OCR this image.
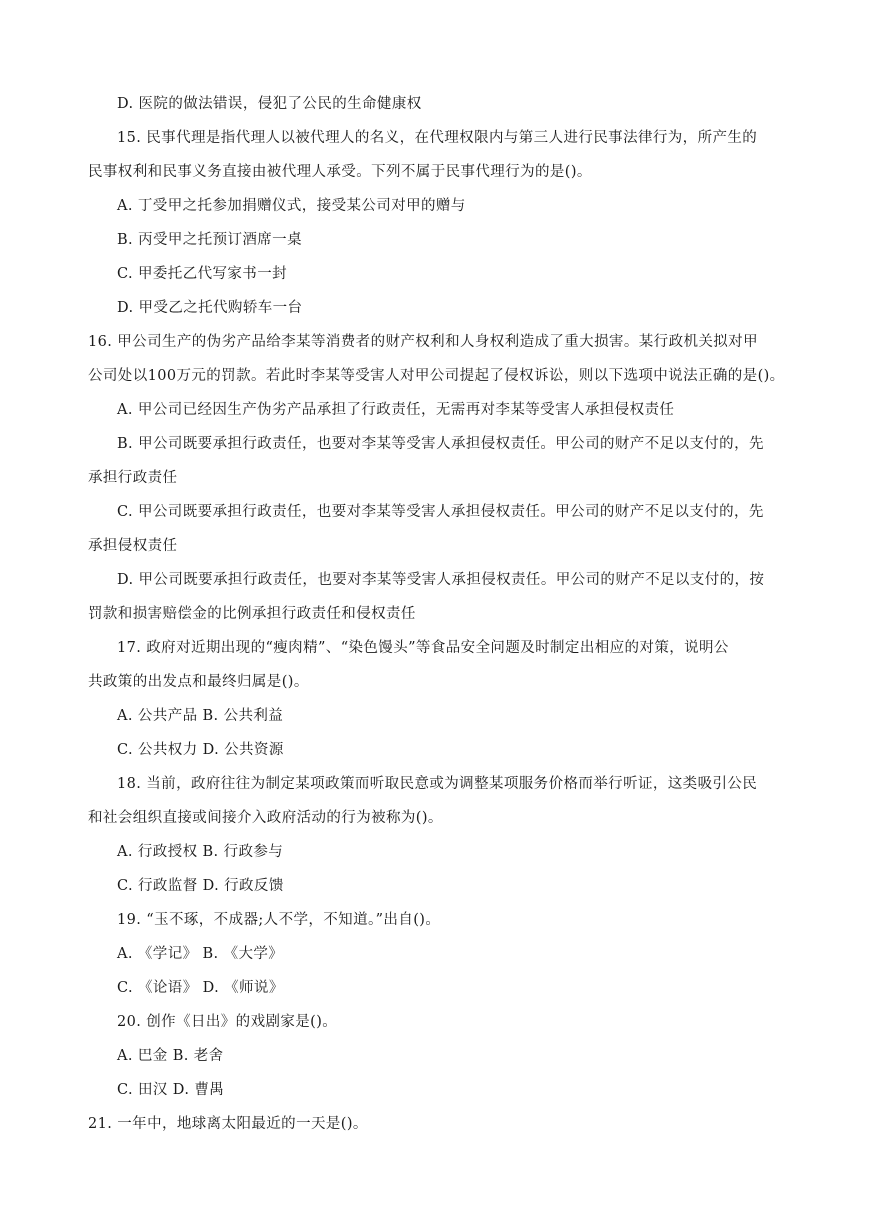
D. 医院的做法错误，侵犯了公民的生命健康权
15. 民事代理是指代理人以被代理人的名义，在代理权限内与第三人进行民事法律行为，所产生的
民事权利和民事义务直接由被代理人承受。下列不属于民事代理行为的是()。
A. 丁受甲之托参加捐赠仪式，接受某公司对甲的赠与
B. 丙受甲之托预订酒席一桌
C. 甲委托乙代写家书一封
D. 甲受乙之托代购轿车一台
16. 甲公司生产的伪劣产品给李某等消费者的财产权利和人身权利造成了重大损害。某行政机关拟对甲
公司处以100万元的罚款。若此时李某等受害人对甲公司提起了侵权诉讼，则以下选项中说法正确的是()。
A. 甲公司已经因生产伪劣产品承担了行政责任，无需再对李某等受害人承担侵权责任
B. 甲公司既要承担行政责任，也要对李某等受害人承担侵权责任。甲公司的财产不足以支付的，先
承担行政责任
C. 甲公司既要承担行政责任，也要对李某等受害人承担侵权责任。甲公司的财产不足以支付的，先
承担侵权责任
D. 甲公司既要承担行政责任，也要对李某等受害人承担侵权责任。甲公司的财产不足以支付的，按
罚款和损害赔偿金的比例承担行政责任和侵权责任
17. 政府对近期出现的“瘦肉精”、“染色馒头”等食品安全问题及时制定出相应的对策，说明公
共政策的出发点和最终归属是()。
A. 公共产品 B. 公共利益
C. 公共权力 D. 公共资源
18. 当前，政府往往为制定某项政策而听取民意或为调整某项服务价格而举行听证，这类吸引公民
和社会组织直接或间接介入政府活动的行为被称为()。
A. 行政授权 B. 行政参与
C. 行政监督 D. 行政反馈
19. “玉不琢，不成器;人不学，不知道。”出自()。
A. 《学记》 B. 《大学》
C. 《论语》 D. 《师说》
20. 创作《日出》的戏剧家是()。
A. 巴金 B. 老舍
C. 田汉 D. 曹禺
21. 一年中，地球离太阳最近的一天是()。
